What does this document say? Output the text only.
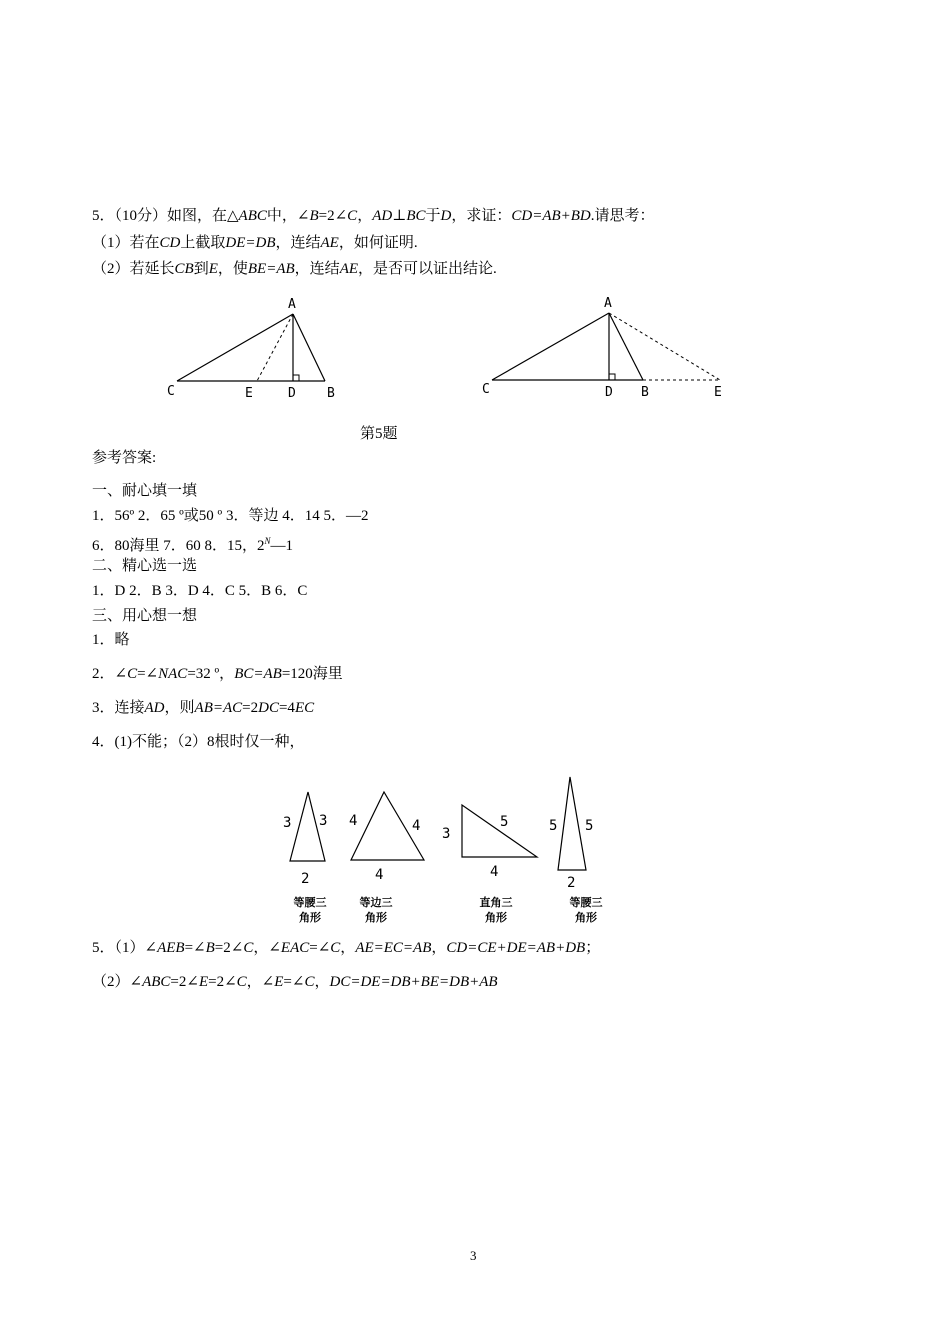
5．（10分）如图，在△ABC中，∠B=2∠C，AD⊥BC于D，求证：CD=AB+BD.请思考：
（1）若在CD上截取DE=DB，连结AE，如何证明.
（2）若延长CB到E，使BE=AB，连结AE，是否可以证出结论.
A
C	E	D B
A
C	D B	E
第5题
参考答案:
一、耐心填一填
1．56º 2．65 º或50 º 3．等边 4．14 5．—2
6．80海里 7．60 8．15，$2^N—1$
二、精心选一选
1．D 2．B 3．D 4．C 5．B 6．C
三、用心想一想
1．略
2．∠C=∠NAC=32 º，BC=AB=120海里
3．连接AD，则AB=AC=2DC=4EC
4．(1)不能；（2）8根时仅一种，
3 3
2
4	4
4
3
5
4
5 5
2
等腰三
角形
等边三
角形
直角三
角形
等腰三
角形
5．（1）∠AEB=∠B=2∠C，∠EAC=∠C，AE=EC=AB，CD=CE+DE=AB+DB；
（2）∠ABC=2∠E=2∠C，∠E=∠C，DC=DE=DB+BE=DB+AB
3
